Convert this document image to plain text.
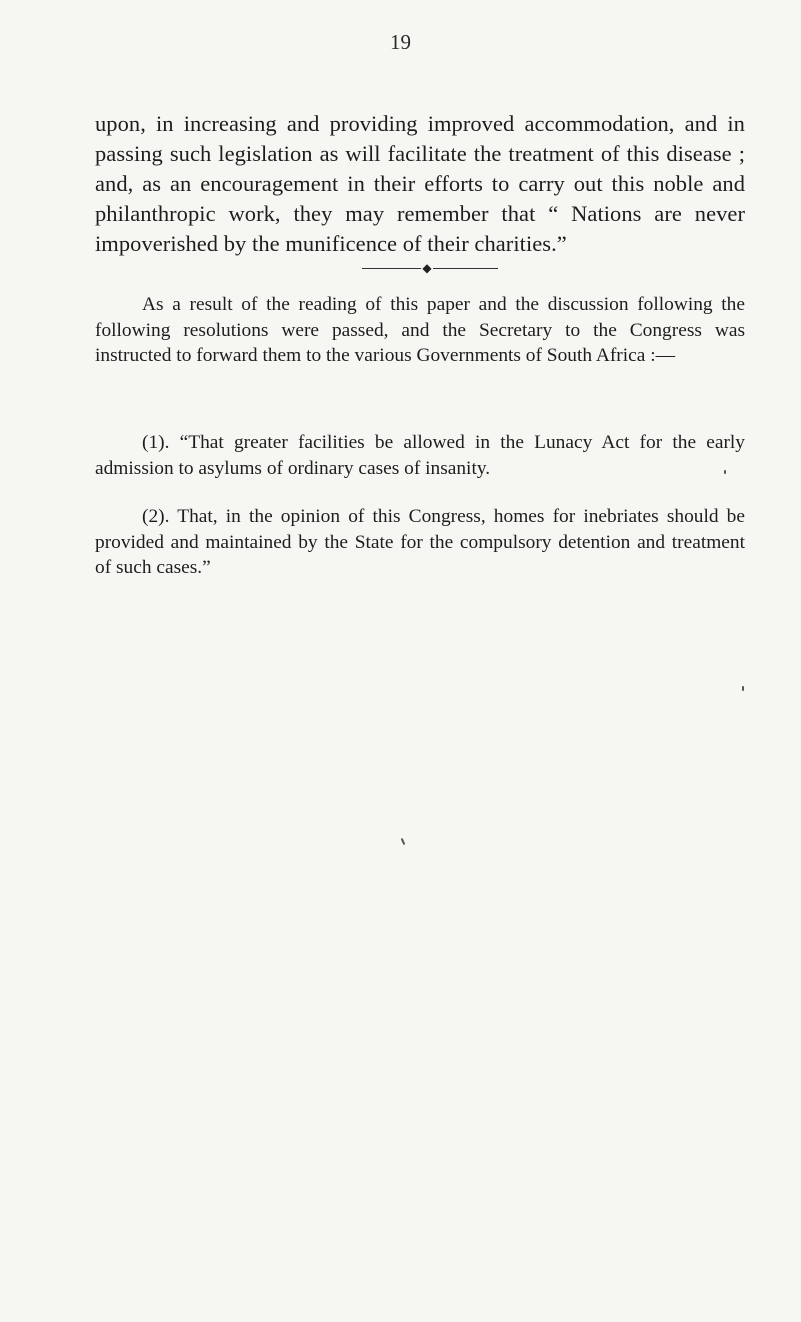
19

upon, in increasing and providing improved accommodation, and in passing such legislation as will facilitate the treatment of this disease ; and, as an encouragement in their efforts to carry out this noble and philanthropic work, they may remember that “ Nations are never impoverished by the munificence of their charities.”

◆

As a result of the reading of this paper and the discussion following the following resolutions were passed, and the Secretary to the Congress was instructed to forward them to the various Governments of South Africa :—

(1). “That greater facilities be allowed in the Lunacy Act for the early admission to asylums of ordinary cases of insanity.

(2). That, in the opinion of this Congress, homes for inebriates should be provided and maintained by the State for the compulsory detention and treatment of such cases.”
